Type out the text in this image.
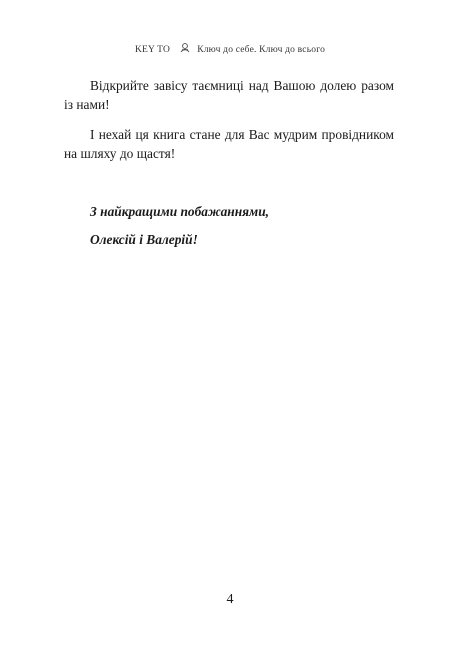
KEY TO	Ключ до себе. Ключ до всього

Відкрийте завісу таємниці над Вашою долею разом із нами!

І нехай ця книга стане для Вас мудрим провідником на шляху до щастя!

З найкращими побажаннями,
Олексій і Валерій!
4
